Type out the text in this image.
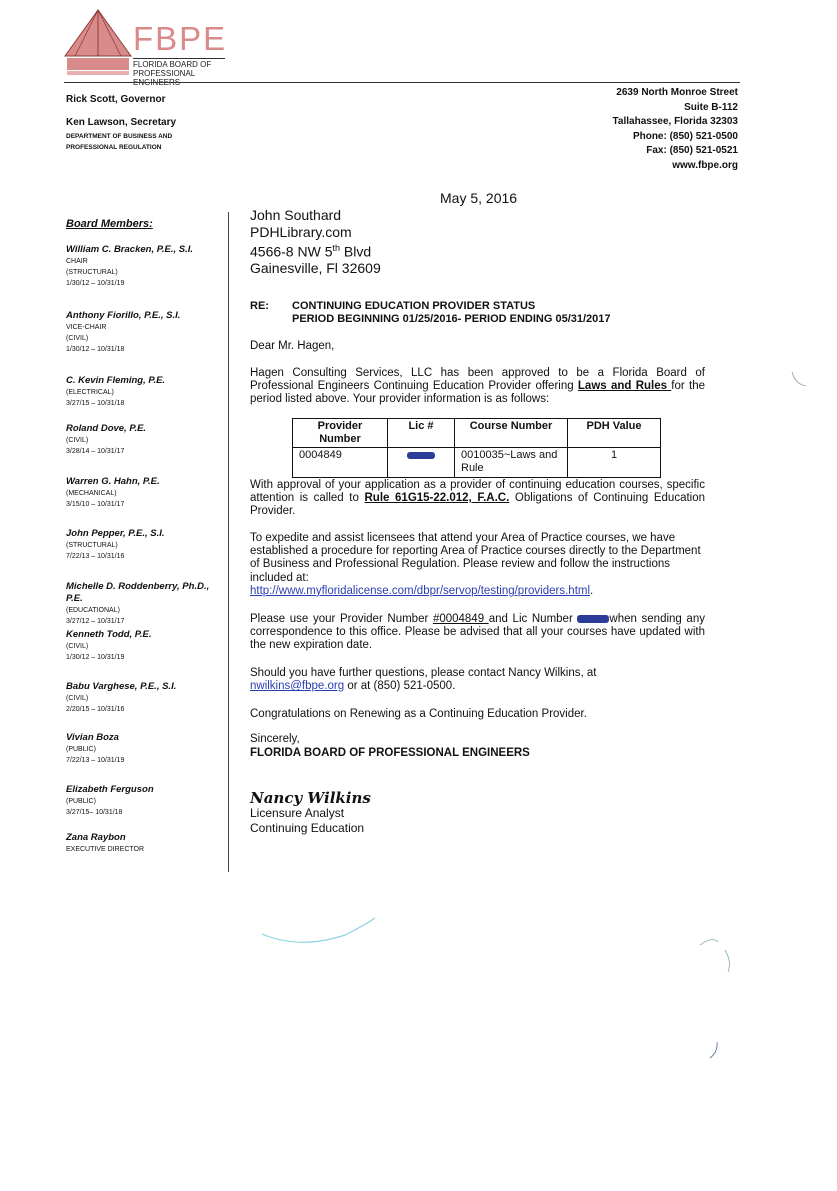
FBPE
FLORIDA BOARD OF PROFESSIONAL
Rick Scott, Governor
Ken Lawson, Secretary
DEPARTMENT OF BUSINESS AND
PROFESSIONAL REGULATION
2639 North Monroe Street
Suite B-112
Tallahassee, Florida 32303
Phone: (850) 521-0500
Fax: (850) 521-0521
www.fbpe.org
Board Members:
William C. Bracken, P.E., S.I.
CHAIR
(STRUCTURAL)
1/30/12 – 10/31/19
Anthony Fiorillo, P.E., S.I.
VICE-CHAIR
(CIVIL)
1/30/12 – 10/31/18
C. Kevin Fleming, P.E.
(ELECTRICAL)
3/27/15 – 10/31/18
Roland Dove, P.E.
(CIVIL)
3/28/14 – 10/31/17
Warren G. Hahn, P.E.
(MECHANICAL)
3/15/10 – 10/31/17
John Pepper, P.E., S.I.
(STRUCTURAL)
7/22/13 – 10/31/16
Michelle D. Roddenberry, Ph.D., P.E.
(EDUCATIONAL)
3/27/12 – 10/31/17
Kenneth Todd, P.E.
(CIVIL)
1/30/12 – 10/31/19
Babu Varghese, P.E., S.I.
(CIVIL)
2/20/15 – 10/31/16
Vivian Boza
(PUBLIC)
7/22/13 – 10/31/19
Elizabeth Ferguson
(PUBLIC)
3/27/15– 10/31/18
Zana Raybon
EXECUTIVE DIRECTOR
May 5, 2016
John Southard
PDHLibrary.com
4566-8 NW 5th Blvd
Gainesville, Fl 32609
RE: CONTINUING EDUCATION PROVIDER STATUS
PERIOD BEGINNING 01/25/2016- PERIOD ENDING 05/31/2017
Dear Mr. Hagen,
Hagen Consulting Services, LLC has been approved to be a Florida Board of Professional Engineers Continuing Education Provider offering Laws and Rules for the period listed above. Your provider information is as follows:
Provider Number	Lic #	Course Number	PDH Value
0004849		0010035~Laws and Rule	1
With approval of your application as a provider of continuing education courses, specific attention is called to Rule 61G15-22.012, F.A.C. Obligations of Continuing Education Provider.
To expedite and assist licensees that attend your Area of Practice courses, we have established a procedure for reporting Area of Practice courses directly to the Department of Business and Professional Regulation. Please review and follow the instructions included at:
http://www.myfloridalicense.com/dbpr/servop/testing/providers.html.
Please use your Provider Number #0004849 and Lic Number	when sending any correspondence to this office. Please be advised that all your courses have updated with the new expiration date.
Should you have further questions, please contact Nancy Wilkins, at
nwilkins@fbpe.org or at (850) 521-0500.
Congratulations on Renewing as a Continuing Education Provider.
Sincerely,
FLORIDA BOARD OF PROFESSIONAL ENGINEERS
Nancy Wilkins
Licensure Analyst
Continuing Education
